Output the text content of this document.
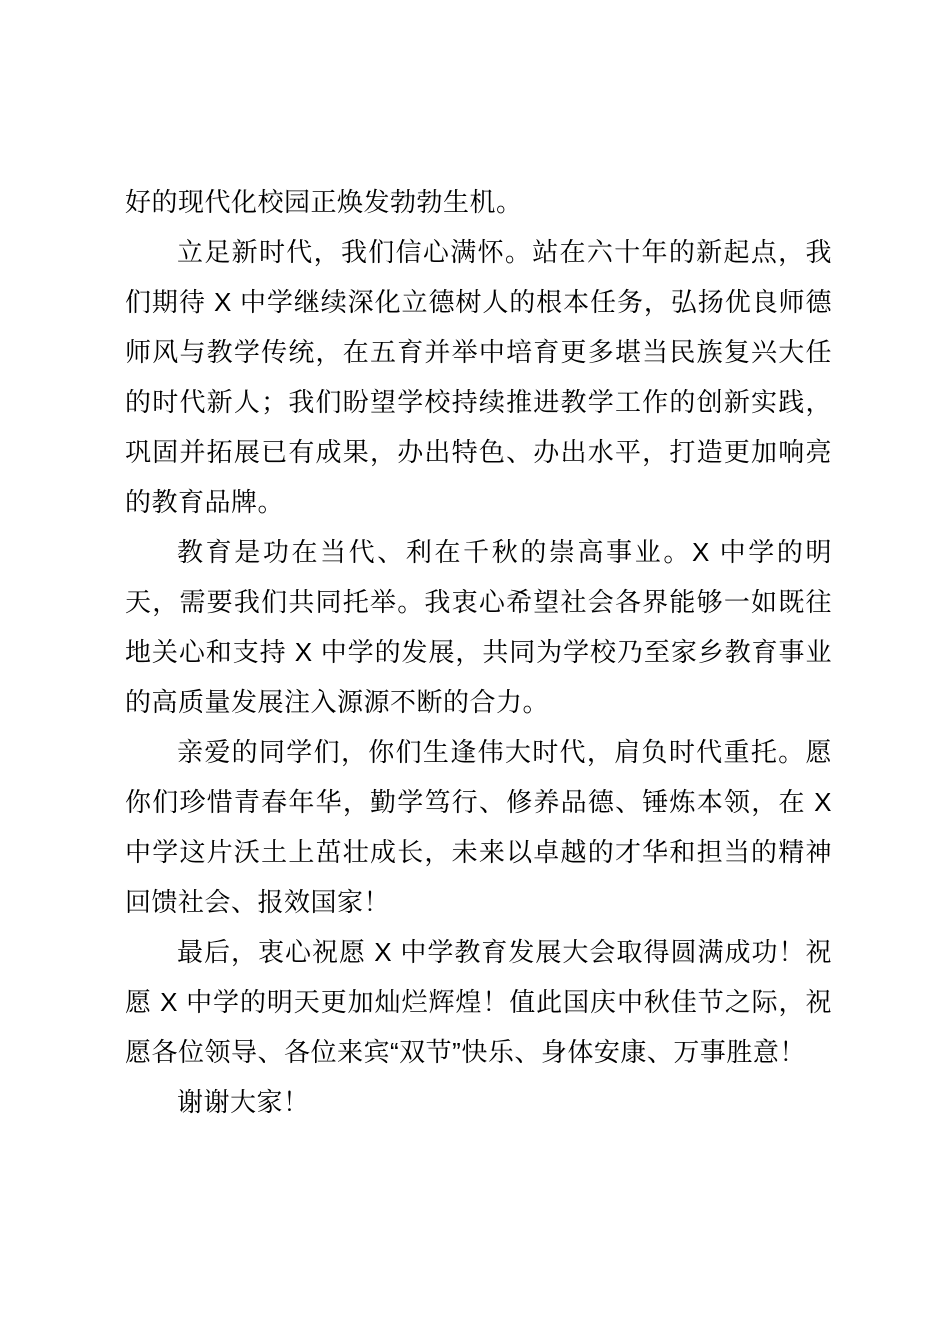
好的现代化校园正焕发勃勃生机。

立足新时代，我们信心满怀。站在六十年的新起点，我们期待 X 中学继续深化立德树人的根本任务，弘扬优良师德师风与教学传统，在五育并举中培育更多堪当民族复兴大任的时代新人；我们盼望学校持续推进教学工作的创新实践，巩固并拓展已有成果，办出特色、办出水平，打造更加响亮的教育品牌。

教育是功在当代、利在千秋的崇高事业。X 中学的明天，需要我们共同托举。我衷心希望社会各界能够一如既往地关心和支持 X 中学的发展，共同为学校乃至家乡教育事业的高质量发展注入源源不断的合力。

亲爱的同学们，你们生逢伟大时代，肩负时代重托。愿你们珍惜青春年华，勤学笃行、修养品德、锤炼本领，在 X 中学这片沃土上茁壮成长，未来以卓越的才华和担当的精神回馈社会、报效国家！

最后，衷心祝愿 X 中学教育发展大会取得圆满成功！祝愿 X 中学的明天更加灿烂辉煌！值此国庆中秋佳节之际，祝愿各位领导、各位来宾“双节”快乐、身体安康、万事胜意！

谢谢大家！
